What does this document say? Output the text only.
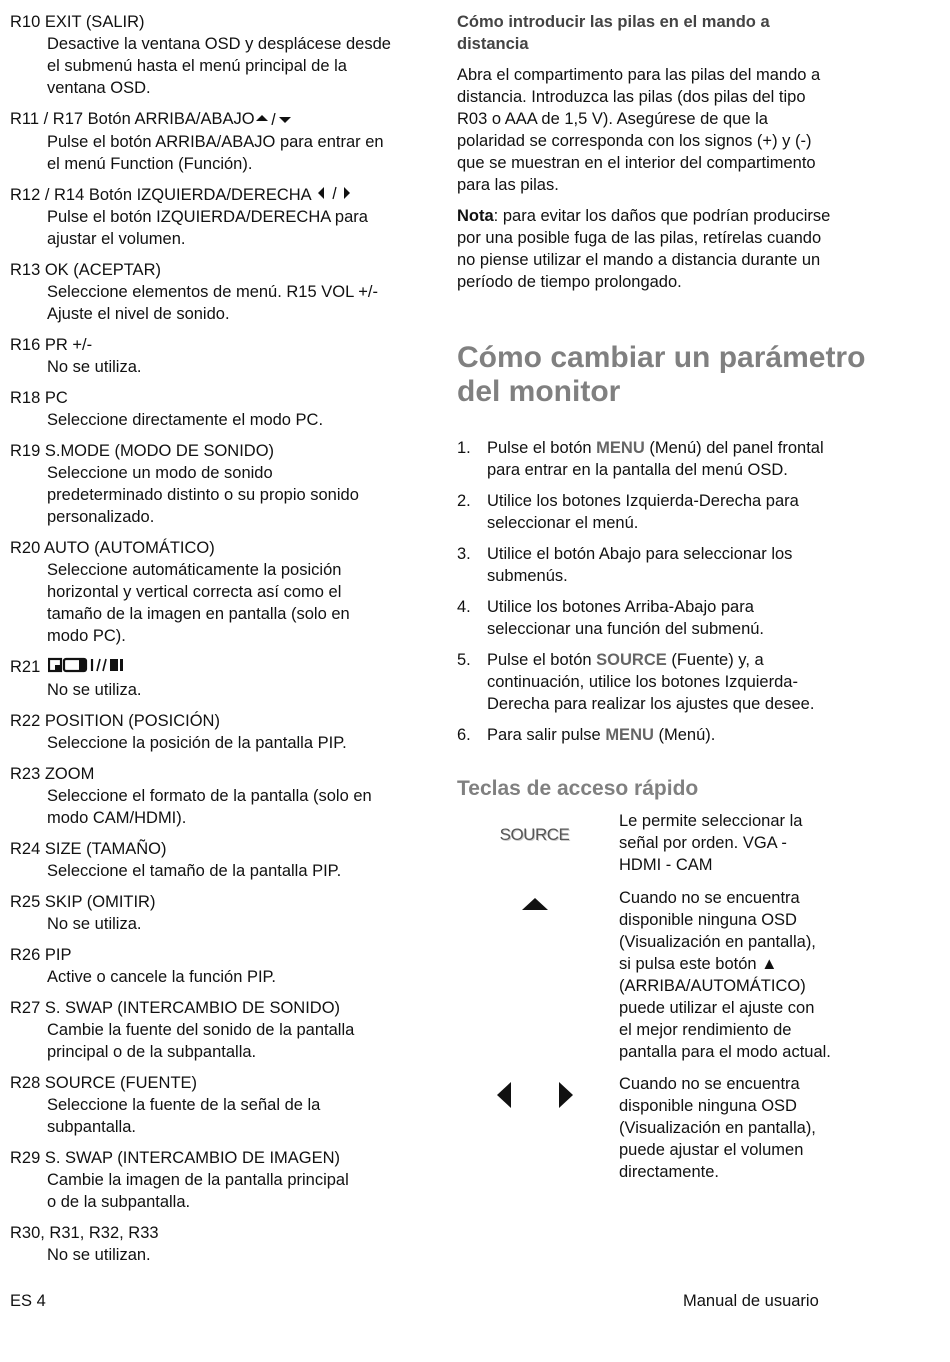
R10 EXIT (SALIR)
Desactive la ventana OSD y desplácese desde
el submenú hasta el menú principal de la
ventana OSD.
R11 / R17 Botón ARRIBA/ABAJO
Pulse el botón ARRIBA/ABAJO para entrar en
el menú Function (Función).
R12 / R14 Botón IZQUIERDA/DERECHA
Pulse el botón IZQUIERDA/DERECHA para
ajustar el volumen.
R13 OK (ACEPTAR)
Seleccione elementos de menú. R15 VOL +/-
Ajuste el nivel de sonido.
R16 PR +/-
No se utiliza.
R18 PC
Seleccione directamente el modo PC.
R19 S.MODE (MODO DE SONIDO)
Seleccione un modo de sonido
predeterminado distinto o su propio sonido
personalizado.
R20 AUTO (AUTOMÁTICO)
Seleccione automáticamente la posición
horizontal y vertical correcta así como el
tamaño de la imagen en pantalla (solo en
modo PC).
R21
No se utiliza.
R22 POSITION (POSICIÓN)
Seleccione la posición de la pantalla PIP.
R23 ZOOM
Seleccione el formato de la pantalla (solo en
modo CAM/HDMI).
R24 SIZE (TAMAÑO)
Seleccione el tamaño de la pantalla PIP.
R25 SKIP (OMITIR)
No se utiliza.
R26 PIP
Active o cancele la función PIP.
R27 S. SWAP (INTERCAMBIO DE SONIDO)
Cambie la fuente del sonido de la pantalla
principal o de la subpantalla.
R28 SOURCE (FUENTE)
Seleccione la fuente de la señal de la
subpantalla.
R29 S. SWAP (INTERCAMBIO DE IMAGEN)
Cambie la imagen de la pantalla principal
o de la subpantalla.
R30, R31, R32, R33
No se utilizan.
Cómo introducir las pilas en el mando a
distancia
Abra el compartimento para las pilas del mando a
distancia. Introduzca las pilas (dos pilas del tipo
R03 o AAA de 1,5 V). Asegúrese de que la
polaridad se corresponda con los signos (+) y (-)
que se muestran en el interior del compartimento
para las pilas.
Nota: para evitar los daños que podrían producirse
por una posible fuga de las pilas, retírelas cuando
no piense utilizar el mando a distancia durante un
período de tiempo prolongado.
Cómo cambiar un parámetro
del monitor
1. Pulse el botón MENU (Menú) del panel frontal
para entrar en la pantalla del menú OSD.
2. Utilice los botones Izquierda-Derecha para
seleccionar el menú.
3. Utilice el botón Abajo para seleccionar los
submenús.
4. Utilice los botones Arriba-Abajo para
seleccionar una función del submenú.
5. Pulse el botón SOURCE (Fuente) y, a
continuación, utilice los botones Izquierda-
Derecha para realizar los ajustes que desee.
6. Para salir pulse MENU (Menú).
Teclas de acceso rápido
SOURCE
Le permite seleccionar la
señal por orden. VGA -
HDMI - CAM
Cuando no se encuentra
disponible ninguna OSD
(Visualización en pantalla),
si pulsa este botón ▲
(ARRIBA/AUTOMÁTICO)
puede utilizar el ajuste con
el mejor rendimiento de
pantalla para el modo actual.
Cuando no se encuentra
disponible ninguna OSD
(Visualización en pantalla),
puede ajustar el volumen
directamente.
ES 4	Manual de usuario
